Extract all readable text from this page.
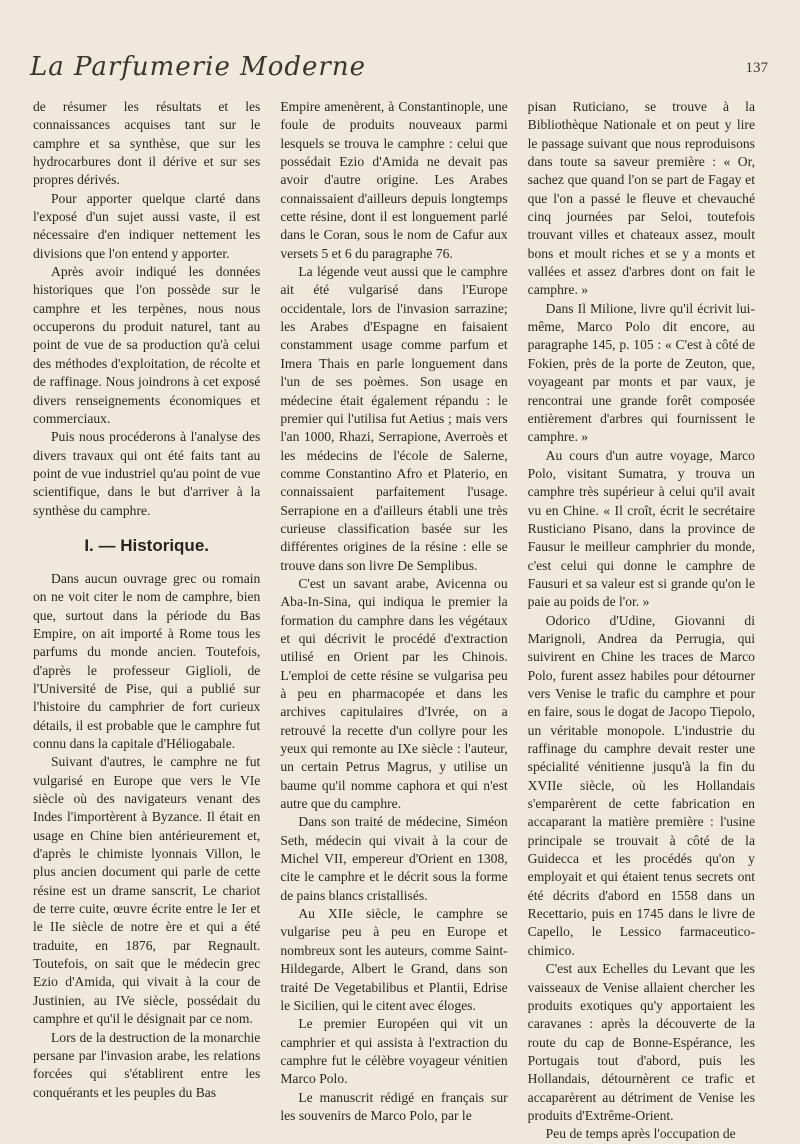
La Parfumerie Moderne	137

de résumer les résultats et les connaissances acquises tant sur le camphre et sa synthèse, que sur les hydrocarbures dont il dérive et sur ses propres dérivés.

Pour apporter quelque clarté dans l'exposé d'un sujet aussi vaste, il est nécessaire d'en indiquer nettement les divisions que l'on entend y apporter.

Après avoir indiqué les données historiques que l'on possède sur le camphre et les terpènes, nous nous occuperons du produit naturel, tant au point de vue de sa production qu'à celui des méthodes d'exploitation, de récolte et de raffinage. Nous joindrons à cet exposé divers renseignements économiques et commerciaux.

Puis nous procéderons à l'analyse des divers travaux qui ont été faits tant au point de vue industriel qu'au point de vue scientifique, dans le but d'arriver à la synthèse du camphre.

I. — Historique.

Dans aucun ouvrage grec ou romain on ne voit citer le nom de camphre, bien que, surtout dans la période du Bas Empire, on ait importé à Rome tous les parfums du monde ancien. Toutefois, d'après le professeur Giglioli, de l'Université de Pise, qui a publié sur l'histoire du camphrier de fort curieux détails, il est probable que le camphre fut connu dans la capitale d'Héliogabale.

Suivant d'autres, le camphre ne fut vulgarisé en Europe que vers le VIe siècle où des navigateurs venant des Indes l'importèrent à Byzance. Il était en usage en Chine bien antérieurement et, d'après le chimiste lyonnais Villon, le plus ancien document qui parle de cette résine est un drame sanscrit, Le chariot de terre cuite, œuvre écrite entre le Ier et le IIe siècle de notre ère et qui a été traduite, en 1876, par Regnault. Toutefois, on sait que le médecin grec Ezio d'Amida, qui vivait à la cour de Justinien, au IVe siècle, possédait du camphre et qu'il le désignait par ce nom.

Lors de la destruction de la monarchie persane par l'invasion arabe, les relations forcées qui s'établirent entre les conquérants et les peuples du Bas

Empire amenèrent, à Constantinople, une foule de produits nouveaux parmi lesquels se trouva le camphre : celui que possédait Ezio d'Amida ne devait pas avoir d'autre origine. Les Arabes connaissaient d'ailleurs depuis longtemps cette résine, dont il est longuement parlé dans le Coran, sous le nom de Cafur aux versets 5 et 6 du paragraphe 76.

La légende veut aussi que le camphre ait été vulgarisé dans l'Europe occidentale, lors de l'invasion sarrazine; les Arabes d'Espagne en faisaient constamment usage comme parfum et Imera Thais en parle longuement dans l'un de ses poèmes. Son usage en médecine était également répandu : le premier qui l'utilisa fut Aetius ; mais vers l'an 1000, Rhazi, Serrapione, Averroès et les médecins de l'école de Salerne, comme Constantino Afro et Platerio, en connaissaient parfaitement l'usage. Serrapione en a d'ailleurs établi une très curieuse classification basée sur les différentes origines de la résine : elle se trouve dans son livre De Semplibus.

C'est un savant arabe, Avicenna ou Aba-In-Sina, qui indiqua le premier la formation du camphre dans les végétaux et qui décrivit le procédé d'extraction utilisé en Orient par les Chinois. L'emploi de cette résine se vulgarisa peu à peu en pharmacopée et dans les archives capitulaires d'Ivrée, on a retrouvé la recette d'un collyre pour les yeux qui remonte au IXe siècle : l'auteur, un certain Petrus Magrus, y utilise un baume qu'il nomme caphora et qui n'est autre que du camphre.

Dans son traité de médecine, Siméon Seth, médecin qui vivait à la cour de Michel VII, empereur d'Orient en 1308, cite le camphre et le décrit sous la forme de pains blancs cristallisés.

Au XIIe siècle, le camphre se vulgarise peu à peu en Europe et nombreux sont les auteurs, comme Saint-Hildegarde, Albert le Grand, dans son traité De Vegetabilibus et Plantii, Edrise le Sicilien, qui le citent avec éloges.

Le premier Européen qui vit un camphrier et qui assista à l'extraction du camphre fut le célèbre voyageur vénitien Marco Polo.

Le manuscrit rédigé en français sur les souvenirs de Marco Polo, par le

pisan Ruticiano, se trouve à la Bibliothèque Nationale et on peut y lire le passage suivant que nous reproduisons dans toute sa saveur première : « Or, sachez que quand l'on se part de Fagay et que l'on a passé le fleuve et chevauché cinq journées par Seloi, toutefois trouvant villes et chateaux assez, moult bons et moult riches et se y a monts et vallées et assez d'arbres dont on fait le camphre. »

Dans Il Milione, livre qu'il écrivit lui-même, Marco Polo dit encore, au paragraphe 145, p. 105 : « C'est à côté de Fokien, près de la porte de Zeuton, que, voyageant par monts et par vaux, je rencontrai une grande forêt composée entièrement d'arbres qui fournissent le camphre. »

Au cours d'un autre voyage, Marco Polo, visitant Sumatra, y trouva un camphre très supérieur à celui qu'il avait vu en Chine. « Il croît, écrit le secrétaire Rusticiano Pisano, dans la province de Fausur le meilleur camphrier du monde, c'est celui qui donne le camphre de Fausuri et sa valeur est si grande qu'on le paie au poids de l'or. »

Odorico d'Udine, Giovanni di Marignoli, Andrea da Perrugia, qui suivirent en Chine les traces de Marco Polo, furent assez habiles pour détourner vers Venise le trafic du camphre et pour en faire, sous le dogat de Jacopo Tiepolo, un véritable monopole. L'industrie du raffinage du camphre devait rester une spécialité vénitienne jusqu'à la fin du XVIIe siècle, où les Hollandais s'emparèrent de cette fabrication en accaparant la matière première : l'usine principale se trouvait à côté de la Guidecca et les procédés qu'on y employait et qui étaient tenus secrets ont été décrits d'abord en 1558 dans un Recettario, puis en 1745 dans le livre de Capello, le Lessico farmaceutico-chimico.

C'est aux Echelles du Levant que les vaisseaux de Venise allaient chercher les produits exotiques qu'y apportaient les caravanes : après la découverte de la route du cap de Bonne-Espérance, les Portugais tout d'abord, puis les Hollandais, détournèrent ce trafic et accaparèrent au détriment de Venise les produits d'Extrême-Orient.

Peu de temps après l'occupation de
